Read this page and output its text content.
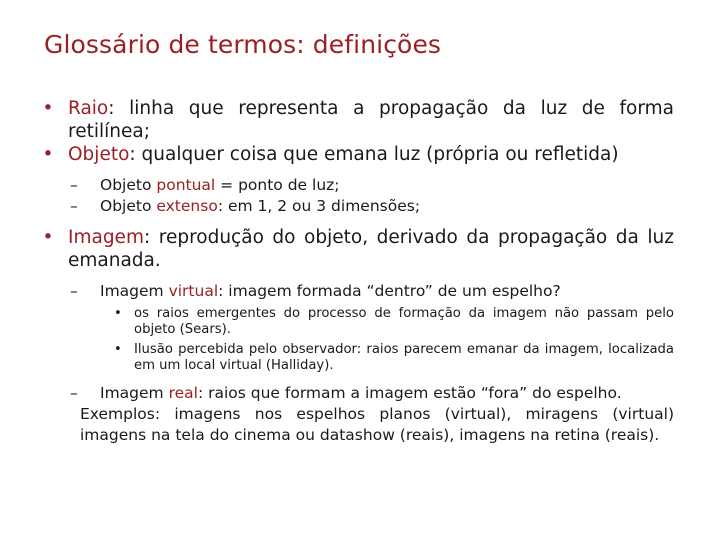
Glossário de termos: definições
• Raio: linha que representa a propagação da luz de forma retilínea;
• Objeto: qualquer coisa que emana luz (própria ou refletida)
– Objeto pontual = ponto de luz;
– Objeto extenso: em 1, 2 ou 3 dimensões;
• Imagem: reprodução do objeto, derivado da propagação da luz emanada.
– Imagem virtual: imagem formada “dentro” de um espelho?
• os raios emergentes do processo de formação da imagem não passam pelo objeto (Sears).
• Ilusão percebida pelo observador: raios parecem emanar da imagem, localizada em um local virtual (Halliday).
– Imagem real: raios que formam a imagem estão “fora” do espelho.
Exemplos: imagens nos espelhos planos (virtual), miragens (virtual) imagens na tela do cinema ou datashow (reais), imagens na retina (reais).
